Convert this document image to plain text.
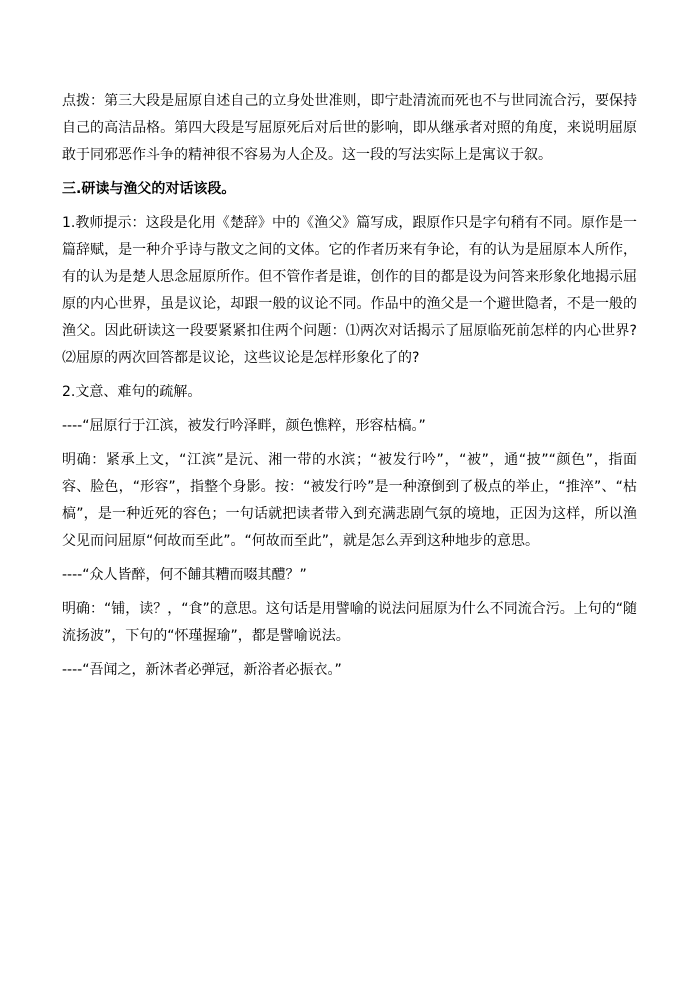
点拨：第三大段是屈原自述自己的立身处世准则，即宁赴清流而死也不与世同流合污，要保持自己的高洁品格。第四大段是写屈原死后对后世的影响，即从继承者对照的角度，来说明屈原敢于同邪恶作斗争的精神很不容易为人企及。这一段的写法实际上是寓议于叙。

三.研读与渔父的对话该段。

1.教师提示：这段是化用《楚辞》中的《渔父》篇写成，跟原作只是字句稍有不同。原作是一篇辞赋，是一种介乎诗与散文之间的文体。它的作者历来有争论，有的认为是屈原本人所作，有的认为是楚人思念屈原所作。但不管作者是谁，创作的目的都是设为问答来形象化地揭示屈原的内心世界，虽是议论，却跟一般的议论不同。作品中的渔父是一个避世隐者，不是一般的渔父。因此研读这一段要紧紧扣住两个问题：⑴两次对话揭示了屈原临死前怎样的内心世界?⑵屈原的两次回答都是议论，这些议论是怎样形象化了的?

2.文意、难句的疏解。

----“屈原行于江滨，被发行吟泽畔，颜色憔粹，形容枯槁。”

明确：紧承上文，“江滨”是沅、湘一带的水滨；“被发行吟”，“被”，通“披”“颜色”，指面容、脸色，“形容”，指整个身影。按：“被发行吟”是一种潦倒到了极点的举止，“推淬”、“枯槁”，是一种近死的容色；一句话就把读者带入到充满悲剧气氛的境地，正因为这样，所以渔父见而问屈原“何故而至此”。“何故而至此”，就是怎么弄到这种地步的意思。

----“众人皆醉，何不餔其糟而啜其醴？”

明确：“铺，读？，“食”的意思。这句话是用譬喻的说法问屈原为什么不同流合污。上句的“随流扬波”，下句的“怀瑾握瑜”，都是譬喻说法。

----“吾闻之，新沐者必弹冠，新浴者必振衣。”
